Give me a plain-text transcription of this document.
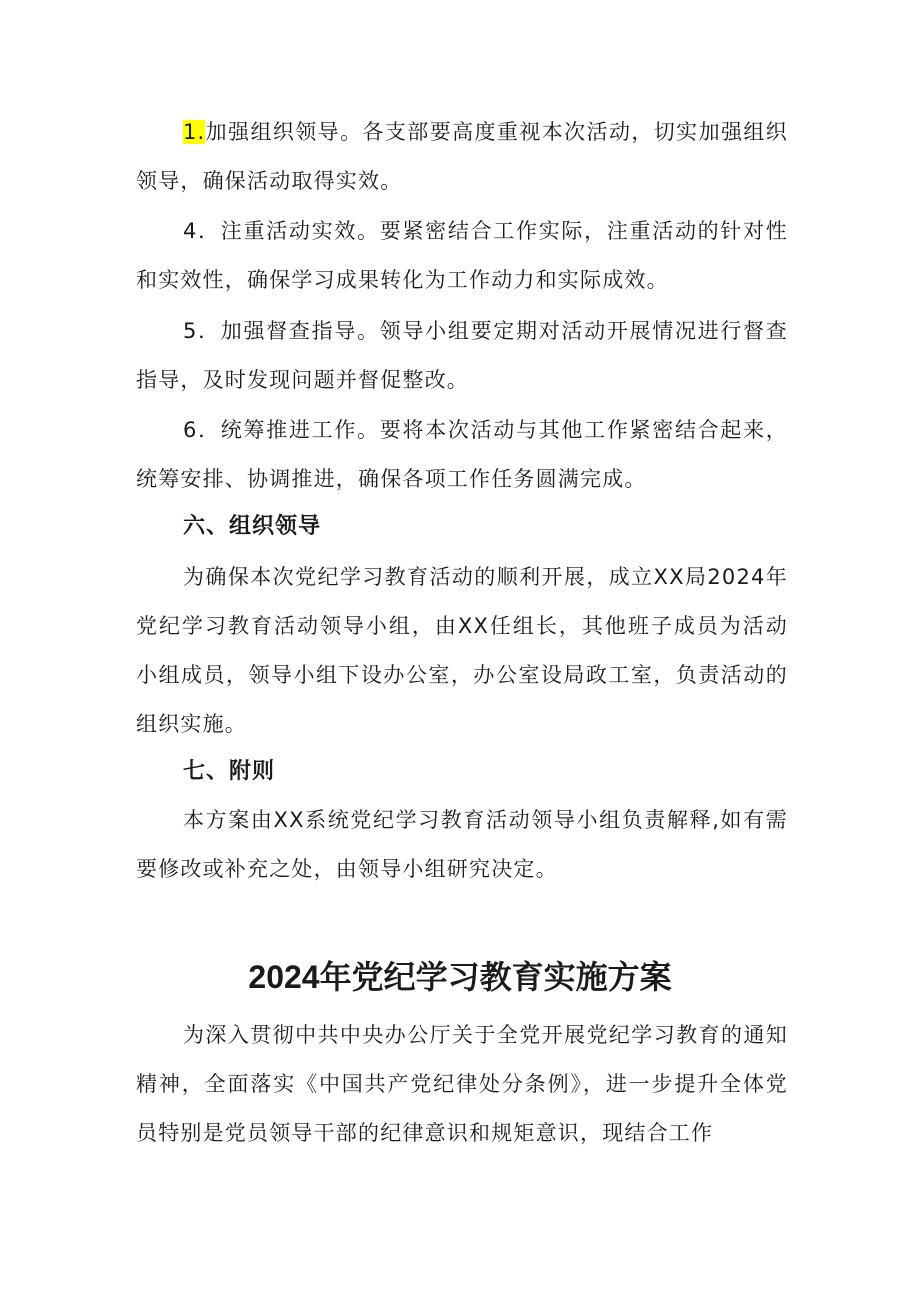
1.加强组织领导。各支部要高度重视本次活动，切实加强组织领导，确保活动取得实效。

4．注重活动实效。要紧密结合工作实际，注重活动的针对性和实效性，确保学习成果转化为工作动力和实际成效。

5．加强督查指导。领导小组要定期对活动开展情况进行督查指导，及时发现问题并督促整改。

6．统筹推进工作。要将本次活动与其他工作紧密结合起来，统筹安排、协调推进，确保各项工作任务圆满完成。

六、组织领导

为确保本次党纪学习教育活动的顺利开展，成立XX局2024年党纪学习教育活动领导小组，由XX任组长，其他班子成员为活动小组成员，领导小组下设办公室，办公室设局政工室，负责活动的组织实施。

七、附则

本方案由XX系统党纪学习教育活动领导小组负责解释,如有需要修改或补充之处，由领导小组研究决定。

2024年党纪学习教育实施方案

为深入贯彻中共中央办公厅关于全党开展党纪学习教育的通知精神，全面落实《中国共产党纪律处分条例》，进一步提升全体党员特别是党员领导干部的纪律意识和规矩意识，现结合工作
